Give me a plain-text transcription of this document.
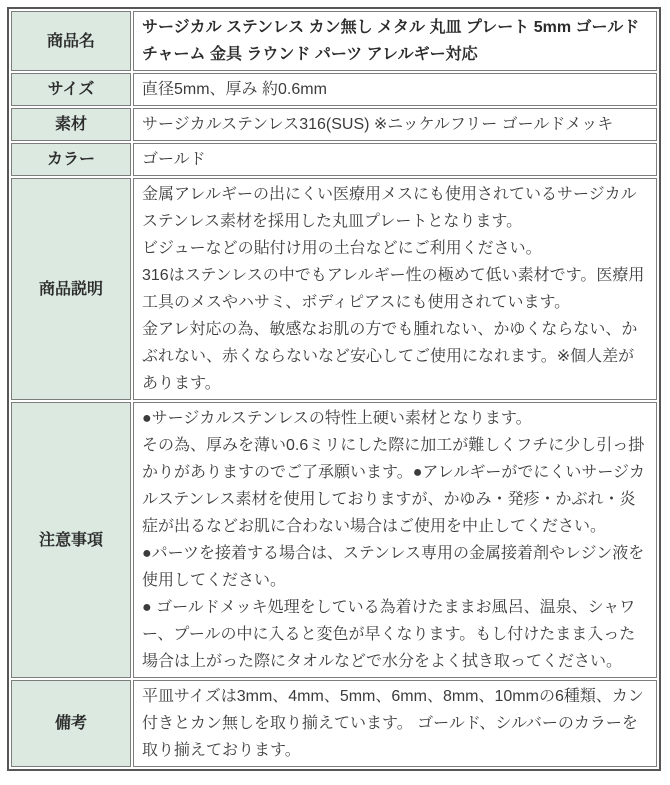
商品名	サージカル ステンレス カン無し メタル 丸皿 プレート 5mm ゴールド チャーム 金具 ラウンド パーツ アレルギー対応

サイズ	直径5mm、厚み 約0.6mm

素材	サージカルステンレス316(SUS) ※ニッケルフリー ゴールドメッキ

カラー	ゴールド

商品説明	金属アレルギーの出にくい医療用メスにも使用されているサージカルステンレス素材を採用した丸皿プレートとなります。
ビジューなどの貼付け用の土台などにご利用ください。
316はステンレスの中でもアレルギー性の極めて低い素材です。医療用工具のメスやハサミ、ボディピアスにも使用されています。
金アレ対応の為、敏感なお肌の方でも腫れない、かゆくならない、かぶれない、赤くならないなど安心してご使用になれます。※個人差があります。

注意事項	●サージカルステンレスの特性上硬い素材となります。
その為、厚みを薄い0.6ミリにした際に加工が難しくフチに少し引っ掛かりがありますのでご了承願います。●アレルギーがでにくいサージカルステンレス素材を使用しておりますが、かゆみ・発疹・かぶれ・炎症が出るなどお肌に合わない場合はご使用を中止してください。
●パーツを接着する場合は、ステンレス専用の金属接着剤やレジン液を使用してください。
● ゴールドメッキ処理をしている為着けたままお風呂、温泉、シャワー、プールの中に入ると変色が早くなります。もし付けたまま入った場合は上がった際にタオルなどで水分をよく拭き取ってください。

備考	平皿サイズは3mm、4mm、5mm、6mm、8mm、10mmの6種類、カン付きとカン無しを取り揃えています。 ゴールド、シルバーのカラーを取り揃えております。
